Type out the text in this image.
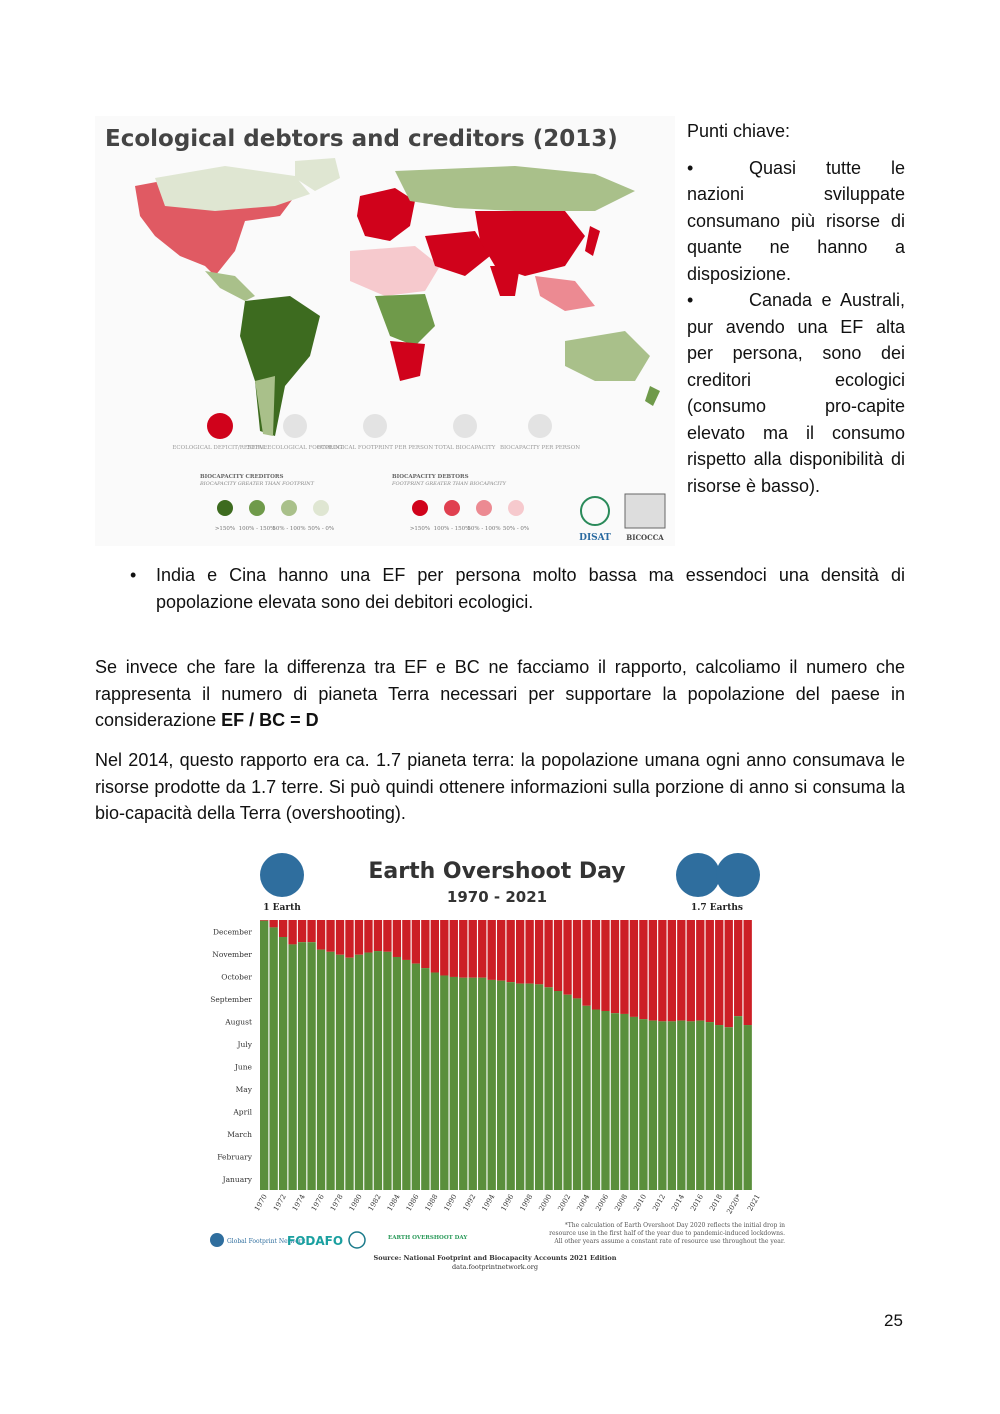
Ecological debtors and creditors (2013)
ECOLOGICAL DEFICIT/RESERVE
TOTAL ECOLOGICAL FOOTPRINT
ECOLOGICAL FOOTPRINT PER PERSON TOTAL BIOCAPACITY BIOCAPACITY PER PERSON
BIOCAPACITY CREDITORS
BIOCAPACITY GREATER THAN FOOTPRINT
BIOCAPACITY DEBTORS
FOOTPRINT GREATER THAN BIOCAPACITY
>150% 100% - 150%
50% - 100% 50% - 0%	>150% 100% - 150%
50% - 100% 50% - 0%
DISAT BICOCCA

Punti chiave:

•	Quasi tutte le nazioni sviluppate consumano più risorse di quante ne hanno a disposizione.
•	Canada e Australi, pur avendo una EF alta per persona, sono dei creditori ecologici (consumo pro-capite elevato ma il consumo rispetto alla disponibilità di risorse è basso).
• India e Cina hanno una EF per persona molto bassa ma essendoci una densità di popolazione elevata sono dei debitori ecologici.
Se invece che fare la differenza tra EF e BC ne facciamo il rapporto, calcoliamo il numero che rappresenta il numero di pianeta Terra necessari per supportare la popolazione del paese in considerazione EF / BC = D
Nel 2014, questo rapporto era ca. 1.7 pianeta terra: la popolazione umana ogni anno consumava le risorse prodotte da 1.7 terre. Si può quindi ottenere informazioni sulla porzione di anno si consuma la bio-capacità della Terra (overshooting).
1 Earth	1.7 Earths
Earth Overshoot Day
1970 - 2021
January
February
March
April
May
June
July
August
September
October
November
December
1970 1972 1974 1976 1978 1980 1982 1984 1986 1988 1990 1992 1994 1996 1998 2000 2002 2004 2006 2008 2010 2012 2014 2016 2018 2020* 2021
*The calculation of Earth Overshoot Day 2020 reflects the initial drop in
resource use in the first half of the year due to pandemic-induced lockdowns.
All other years assume a constant rate of resource use throughout the year.
Global Footprint Network
FODAFO	EARTH OVERSHOOT DAY
Source: National Footprint and Biocapacity Accounts 2021 Edition
data.footprintnetwork.org
25
